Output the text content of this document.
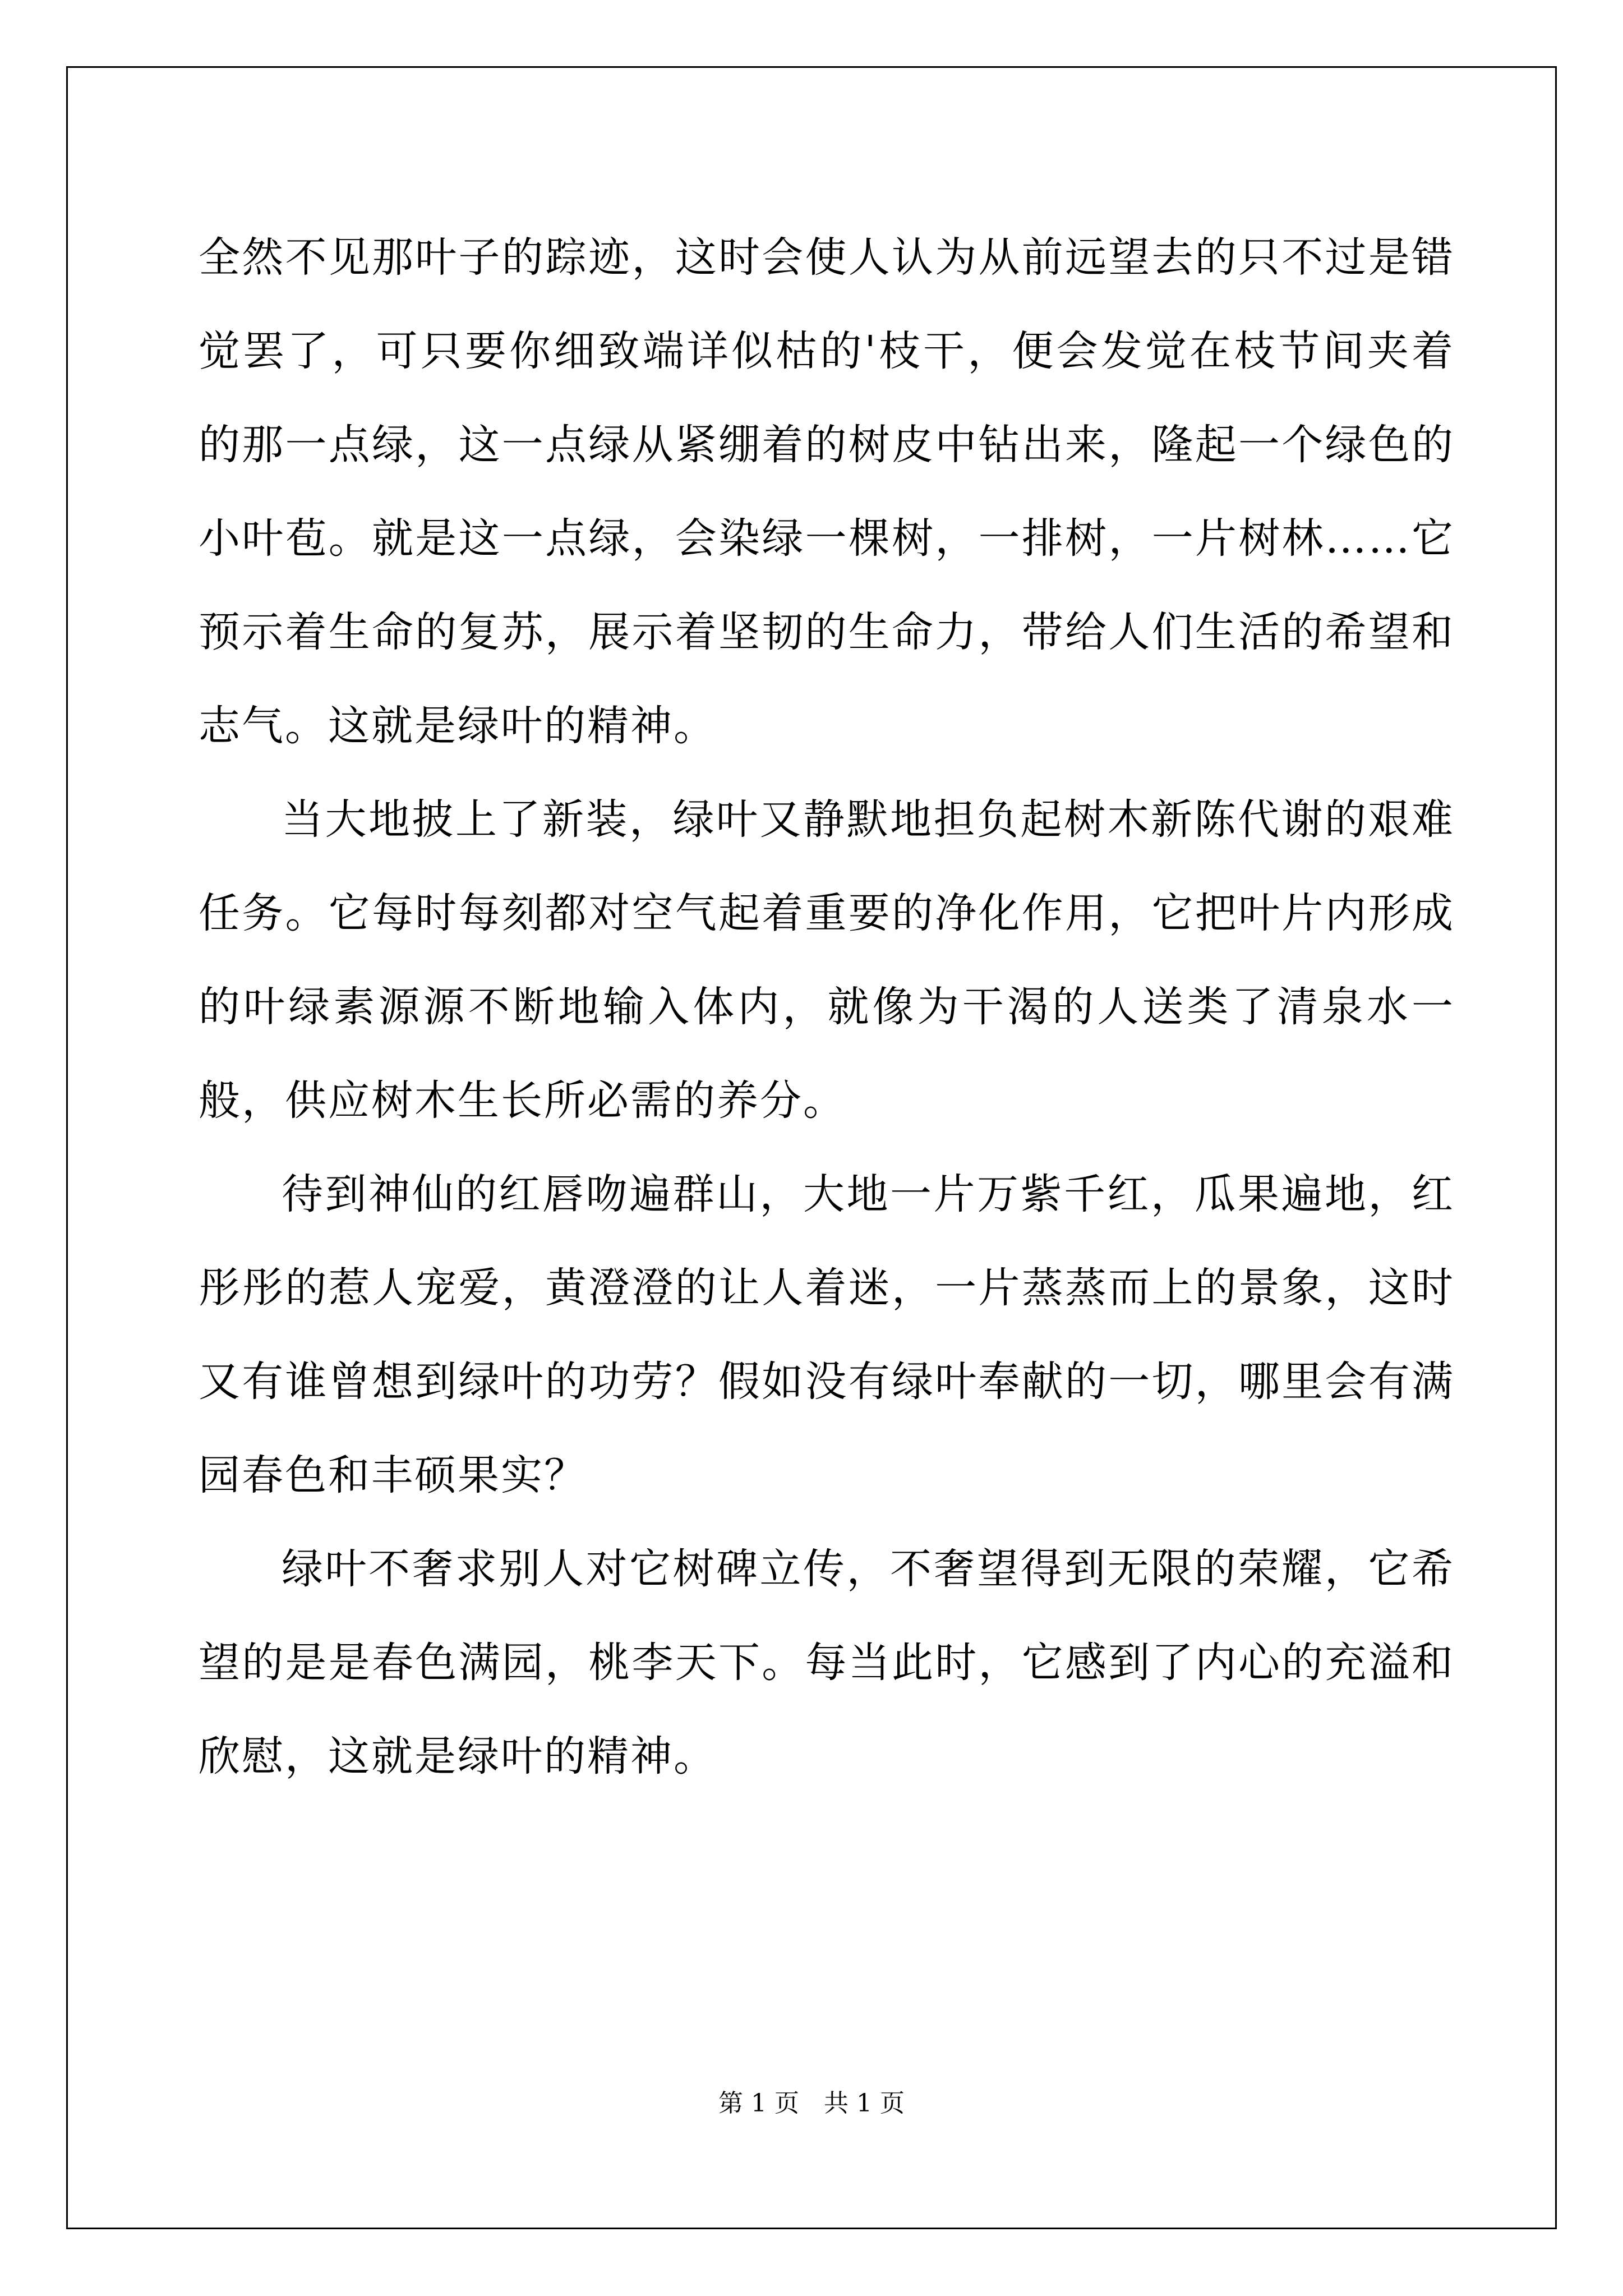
全然不见那叶子的踪迹，这时会使人认为从前远望去的只不过是错觉罢了，可只要你细致端详似枯的'枝干，便会发觉在枝节间夹着的那一点绿，这一点绿从紧绷着的树皮中钻出来，隆起一个绿色的小叶苞。就是这一点绿，会染绿一棵树，一排树，一片树林……它预示着生命的复苏，展示着坚韧的生命力，带给人们生活的希望和志气。这就是绿叶的精神。

当大地披上了新装，绿叶又静默地担负起树木新陈代谢的艰难任务。它每时每刻都对空气起着重要的净化作用，它把叶片内形成的叶绿素源源不断地输入体内，就像为干渴的人送类了清泉水一般，供应树木生长所必需的养分。

待到神仙的红唇吻遍群山，大地一片万紫千红，瓜果遍地，红彤彤的惹人宠爱，黄澄澄的让人着迷，一片蒸蒸而上的景象，这时又有谁曾想到绿叶的功劳？假如没有绿叶奉献的一切，哪里会有满园春色和丰硕果实？

绿叶不奢求别人对它树碑立传，不奢望得到无限的荣耀，它希望的是是春色满园，桃李天下。每当此时，它感到了内心的充溢和欣慰，这就是绿叶的精神。

第 1 页　共 1 页
